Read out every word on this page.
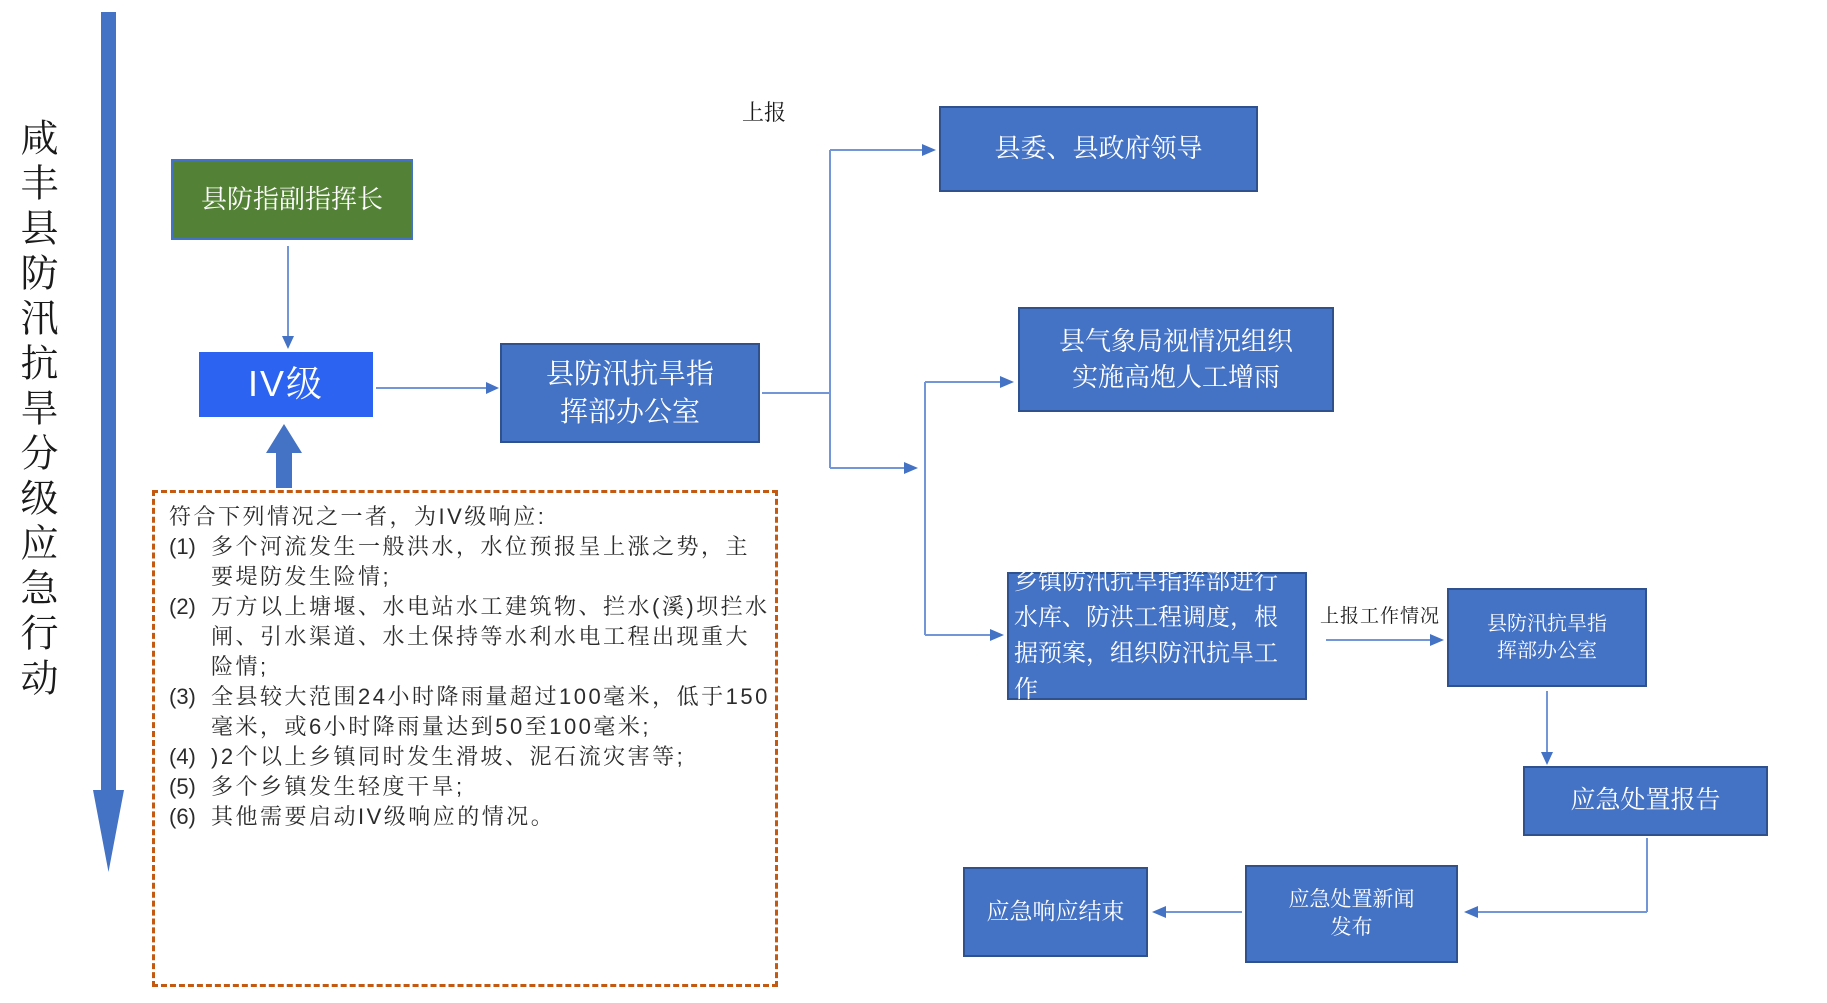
咸丰县防汛抗旱分级应急行动	县防指副指挥长
IV级	县防汛抗旱指挥部办公室
县委、县政府领导
县气象局视情况组织实施高炮人工增雨
乡镇防汛抗旱指挥部进行水库、防洪工程调度，根据预案，组织防汛抗旱工作
县防汛抗旱指挥部办公室
应急处置报告
应急处置新闻发布
应急响应结束
上报
上报工作情况
符合下列情况之一者，为IV级响应:
(1) 多个河流发生一般洪水，水位预报呈上涨之势，主要堤防发生险情;
(2) 万方以上塘堰、水电站水工建筑物、拦水(溪)坝拦水闸、引水渠道、水土保持等水利水电工程出现重大险情;
(3) 全县较大范围24小时降雨量超过100毫米，低于150毫米，或6小时降雨量达到50至100毫米;
(4) )2个以上乡镇同时发生滑坡、泥石流灾害等;
(5) 多个乡镇发生轻度干旱;
(6) 其他需要启动IV级响应的情况。
